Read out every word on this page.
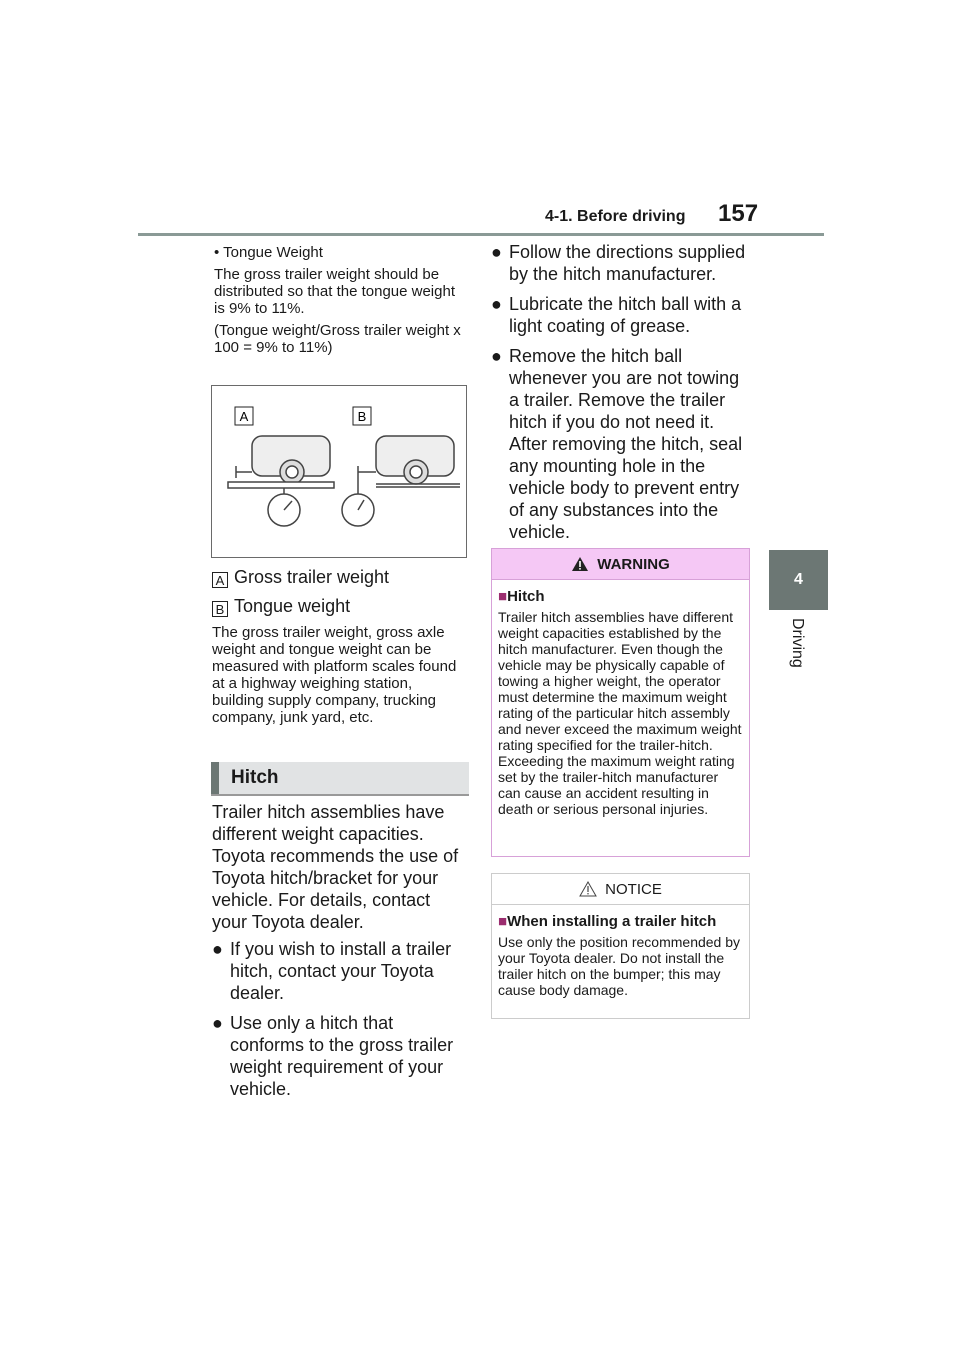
4-1. Before driving 157
4
Driving
• Tongue Weight
The gross trailer weight should be distributed so that the tongue weight is 9% to 11%.
(Tongue weight/Gross trailer weight x 100 = 9% to 11%)
A	B
A Gross trailer weight
B Tongue weight
The gross trailer weight, gross axle weight and tongue weight can be measured with platform scales found at a highway weighing station, building supply company, trucking company, junk yard, etc.
Hitch
Trailer hitch assemblies have different weight capacities. Toyota recommends the use of Toyota hitch/bracket for your vehicle. For details, contact your Toyota dealer.
● If you wish to install a trailer hitch, contact your Toyota dealer.
● Use only a hitch that conforms to the gross trailer weight requirement of your vehicle.
● Follow the directions supplied by the hitch manufacturer.
● Lubricate the hitch ball with a light coating of grease.
● Remove the hitch ball whenever you are not towing a trailer. Remove the trailer hitch if you do not need it. After removing the hitch, seal any mounting hole in the vehicle body to prevent entry of any substances into the vehicle.
WARNING
■Hitch
Trailer hitch assemblies have different weight capacities established by the hitch manufacturer. Even though the vehicle may be physically capable of towing a higher weight, the operator must determine the maximum weight rating of the particular hitch assembly and never exceed the maximum weight rating specified for the trailer-hitch. Exceeding the maximum weight rating set by the trailer-hitch manufacturer can cause an accident resulting in death or serious personal injuries.
NOTICE
■When installing a trailer hitch
Use only the position recommended by your Toyota dealer. Do not install the trailer hitch on the bumper; this may cause body damage.
